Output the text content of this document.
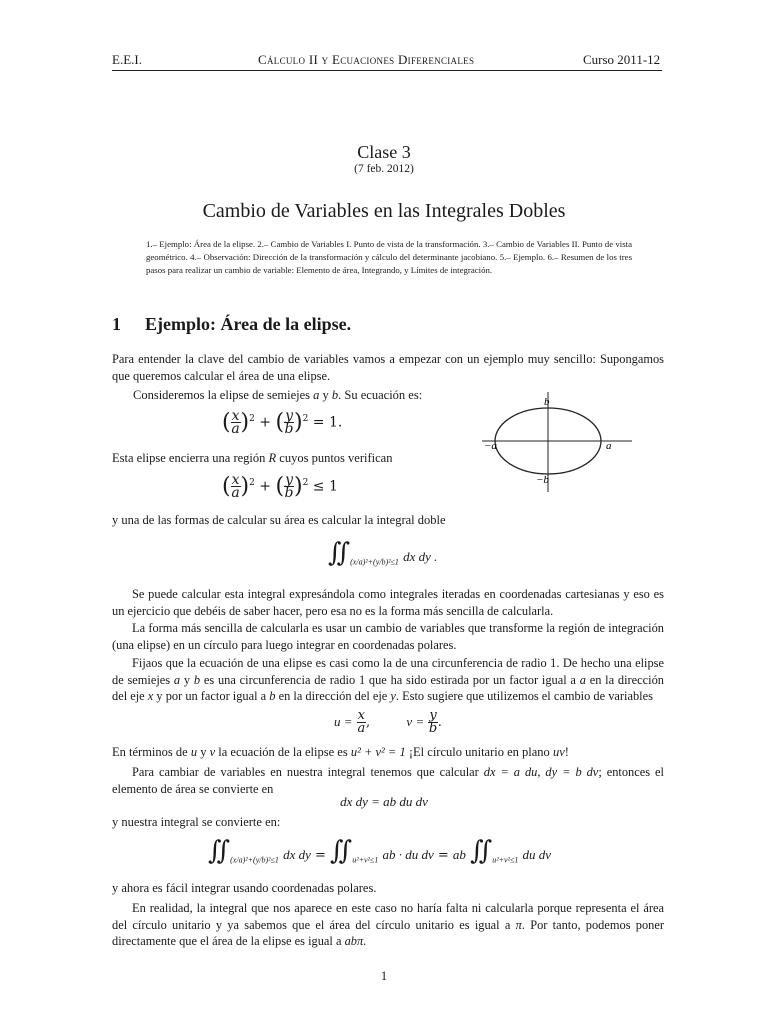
E.E.I.	Cálculo II y Ecuaciones Diferenciales	Curso 2011-12
Clase 3
(7 feb. 2012)
Cambio de Variables en las Integrales Dobles
1.– Ejemplo: Área de la elipse. 2.– Cambio de Variables I. Punto de vista de la transformación. 3.– Cambio de Variables II. Punto de vista geométrico. 4.– Observación: Dirección de la transformación y cálculo del determinante jacobiano. 5.– Ejemplo. 6.– Resumen de los tres pasos para realizar un cambio de variable: Elemento de área, Integrando, y Límites de integración.
1 Ejemplo: Área de la elipse.
Para entender la clave del cambio de variables vamos a empezar con un ejemplo muy sencillo: Supongamos que queremos calcular el área de una elipse.
Consideremos la elipse de semiejes a y b. Su ecuación es:
( $\frac{x}{a} )^2$ + ( $\frac{y}{b} )^2 = 1$.
b
−b
a
−a
Esta elipse encierra una región R cuyos puntos verifican
( $\frac{x}{a} )^2$ + ( $\frac{y}{b} )^2 \le 1$
y una de las formas de calcular su área es calcular la integral doble
$∬_{(x/a)^2+(y/b)^2\le 1}$ dx dy .
Se puede calcular esta integral expresándola como integrales iteradas en coordenadas cartesianas y eso es un ejercicio que debéis de saber hacer, pero esa no es la forma más sencilla de calcularla.
La forma más sencilla de calcularla es usar un cambio de variables que transforme la región de integración (una elipse) en un círculo para luego integrar en coordenadas polares.
Fijaos que la ecuación de una elipse es casi como la de una circunferencia de radio 1. De hecho una elipse de semiejes a y b es una circunferencia de radio 1 que ha sido estirada por un factor igual a a en la dirección del eje x y por un factor igual a b en la dirección del eje y. Esto sugiere que utilizemos el cambio de variables
$u = \frac{x}{a}$ ,  $v = \frac{y}{b}$ .
En términos de u y v la ecuación de la elipse es u² + v² = 1 ¡El círculo unitario en plano uv!
Para cambiar de variables en nuestra integral tenemos que calcular dx = a du, dy = b dv; entonces el elemento de área se convierte en
dx dy = ab du dv
y nuestra integral se convierte en:
$∬_{(x/a)^2+(y/b)^2\le 1}$ dx dy = $∬_{u^2+v^2\le 1}$ ab · du dv = ab $∬_{u^2+v^2\le 1}$ du dv
y ahora es fácil integrar usando coordenadas polares.
En realidad, la integral que nos aparece en este caso no haría falta ni calcularla porque representa el área del círculo unitario y ya sabemos que el área del círculo unitario es igual a π. Por tanto, podemos poner directamente que el área de la elipse es igual a abπ.
1
